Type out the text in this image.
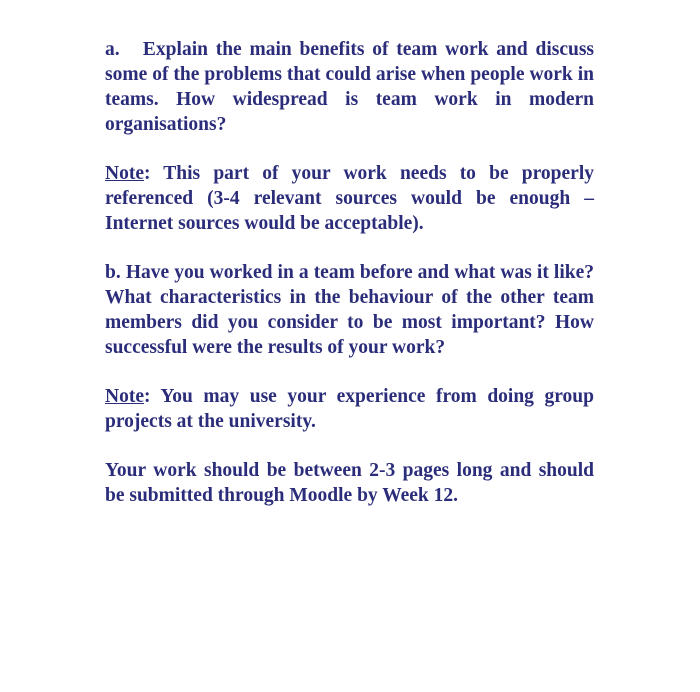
a. Explain the main benefits of team work and discuss some of the problems that could arise when people work in teams. How widespread is team work in modern organisations?

Note: This part of your work needs to be properly referenced (3-4 relevant sources would be enough – Internet sources would be acceptable).

b. Have you worked in a team before and what was it like? What characteristics in the behaviour of the other team members did you consider to be most important? How successful were the results of your work?

Note: You may use your experience from doing group projects at the university.

Your work should be between 2-3 pages long and should be submitted through Moodle by Week 12.
